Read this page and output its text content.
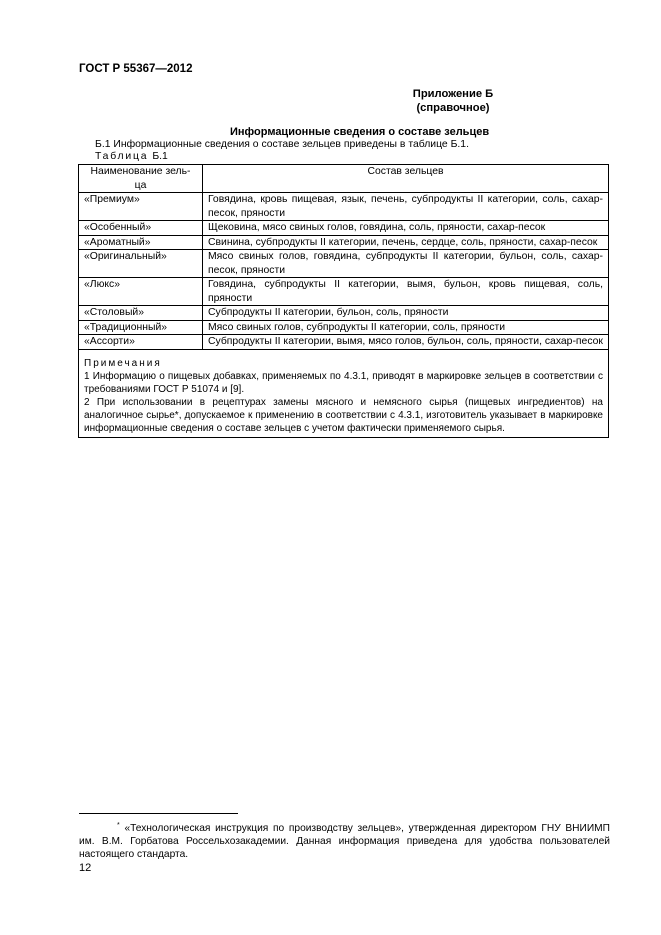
ГОСТ Р 55367—2012
Приложение Б
(справочное)
Информационные сведения о составе зельцев
Б.1 Информационные сведения о составе зельцев приведены в таблице Б.1.
Таблица Б.1
Наименование зель-
ца	Состав зельцев
«Премиум»	Говядина, кровь пищевая, язык, печень, субпродукты II категории, соль, сахар-песок, пряности
«Особенный»	Щековина, мясо свиных голов, говядина, соль, пряности, сахар-песок
«Ароматный»	Свинина, субпродукты II категории, печень, сердце, соль, пряности, сахар-песок
«Оригинальный»	Мясо свиных голов, говядина, субпродукты II категории, бульон, соль, сахар-песок, пряности
«Люкс»	Говядина, субпродукты II категории, вымя, бульон, кровь пищевая, соль, пряности
«Столовый»	Субпродукты II категории, бульон, соль, пряности
«Традиционный»	Мясо свиных голов, субпродукты II категории, соль, пряности
«Ассорти»	Субпродукты II категории, вымя, мясо голов, бульон, соль, пряности, сахар-песок

Примечания
1 Информацию о пищевых добавках, применяемых по 4.3.1, приводят в маркировке зельцев в соответствии с требованиями ГОСТ Р 51074 и [9].
2 При использовании в рецептурах замены мясного и немясного сырья (пищевых ингредиентов) на аналогичное сырье*, допускаемое к применению в соответствии с 4.3.1, изготовитель указывает в маркировке информационные сведения о составе зельцев с учетом фактически применяемого сырья.	
* «Технологическая инструкция по производству зельцев», утвержденная директором ГНУ ВНИИМП им. В.М. Горбатова Россельхозакадемии. Данная информация приведена для удобства пользователей настоящего стандарта.
12
